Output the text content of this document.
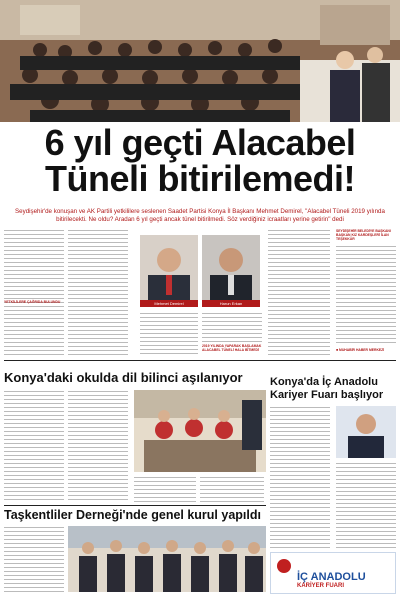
6 yıl geçti Alacabel
Tüneli bitirilemedi!
Seydişehir'de konuşan ve AK Partili yetkililere seslenen Saadet Partisi Konya İl Başkanı Mehmet Demirel, "Alacabel Tüneli 2019 yılında bitirilecekti. Ne oldu? Aradan 6 yıl geçti ancak tünel bitirilmedi. Söz verdiğiniz icraatları yerine getirin" dedi
YETKİLİLERE ÇAĞRIDA BULUNDU	Mehmet Demirel	Harun Erkan
2019 YILINDA YAPARAK BAŞLAMAK ALACABEL TÜNELİ HALA BİTMEDİ
SEYDİŞEHİR BELEDİYE BAŞKANI BAŞKAN KIZ KARDEŞLERİ İLAN TEŞEKKÜR
■ MUHABİR HABER MERKEZİ
Konya'daki okulda dil bilinci aşılanıyor	Konya'da İç Anadolu
Kariyer Fuarı başlıyor
İÇ ANADOLU
KARİYER FUARI
Taşkentliler Derneği'nde genel kurul yapıldı
